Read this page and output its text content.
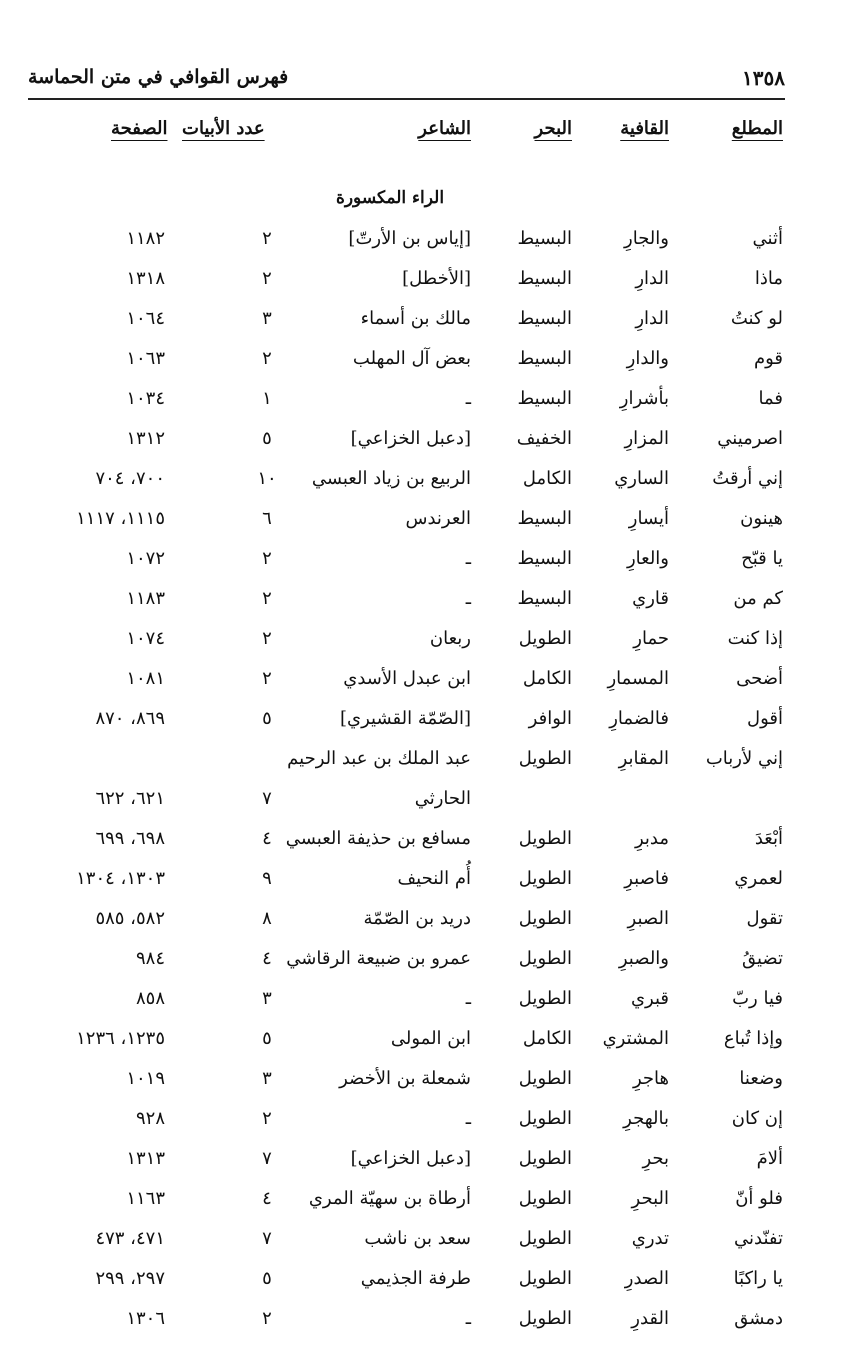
١٣٥٨
فهرس القوافي في متن الحماسة
المطلع
القافية
البحر
الشاعر
عدد الأبيات
الصفحة
الراء المكسورة
أثني
والجارِ
البسيط
[إياس بن الأرتّ]
٢
١١٨٢
ماذا
الدارِ
البسيط
[الأخطل]
٢
١٣١٨
لو كنتُ
الدارِ
البسيط
مالك بن أسماء
٣
١٠٦٤
قوم
والدارِ
البسيط
بعض آل المهلب
٢
١٠٦٣
فما
بأشرارِ
البسيط
ـ
١
١٠٣٤
اصرميني
المزارِ
الخفيف
[دعبل الخزاعي]
٥
١٣١٢
إني أرقتُ
الساري
الكامل
الربيع بن زياد العبسي
١٠
٧٠٠، ٧٠٤
هينون
أيسارِ
البسيط
العرندس
٦
١١١٥، ١١١٧
يا قبّح
والعارِ
البسيط
ـ
٢
١٠٧٢
كم من
قاري
البسيط
ـ
٢
١١٨٣
إذا كنت
حمارِ
الطويل
ربعان
٢
١٠٧٤
أضحى
المسمارِ
الكامل
ابن عبدل الأسدي
٢
١٠٨١
أقول
فالضمارِ
الوافر
[الصّمّة القشيري]
٥
٨٦٩، ٨٧٠
إني لأرباب
المقابرِ
الطويل
عبد الملك بن عبد الرحيم
الحارثي
٧
٦٢١، ٦٢٢
أبْعَدَ
مدبرِ
الطويل
مسافع بن حذيفة العبسي
٤
٦٩٨، ٦٩٩
لعمري
فاصبرِ
الطويل
أُم النحيف
٩
١٣٠٣، ١٣٠٤
تقول
الصبرِ
الطويل
دريد بن الصّمّة
٨
٥٨٢، ٥٨٥
تضيقُ
والصبرِ
الطويل
عمرو بن ضبيعة الرقاشي
٤
٩٨٤
فيا ربّ
قبري
الطويل
ـ
٣
٨٥٨
وإذا تُباع
المشتري
الكامل
ابن المولى
٥
١٢٣٥، ١٢٣٦
وضعنا
هاجرِ
الطويل
شمعلة بن الأخضر
٣
١٠١٩
إن كان
بالهجرِ
الطويل
ـ
٢
٩٢٨
ألامَ
بحرِ
الطويل
[دعبل الخزاعي]
٧
١٣١٣
فلو أنّ
البحرِ
الطويل
أرطاة بن سهيّة المري
٤
١١٦٣
تفنّدني
تدري
الطويل
سعد بن ناشب
٧
٤٧١، ٤٧٣
يا راكبًا
الصدرِ
الطويل
طرفة الجذيمي
٥
٢٩٧، ٢٩٩
دمشق
القدرِ
الطويل
ـ
٢
١٣٠٦
